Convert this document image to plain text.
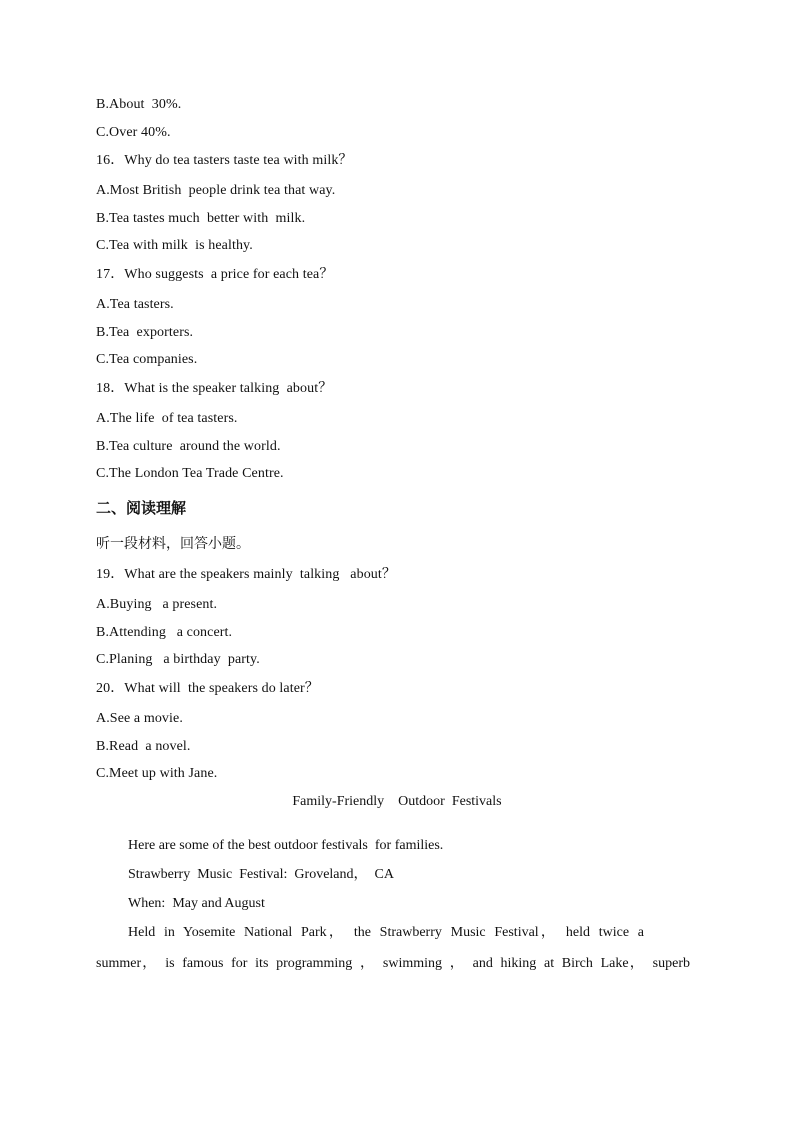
B.About  30%.
C.Over 40%.
16．Why do tea tasters taste tea with milk？
A.Most British  people drink tea that way.
B.Tea tastes much  better with  milk.
C.Tea with milk  is healthy.
17．Who suggests  a price for each tea？
A.Tea tasters.
B.Tea  exporters.
C.Tea companies.
18．What is the speaker talking  about？
A.The life  of tea tasters.
B.Tea culture  around the world.
C.The London Tea Trade Centre.
二、阅读理解
听一段材料，回答小题。
19．What are the speakers mainly  talking   about？
A.Buying   a present.
B.Attending   a concert.
C.Planing   a birthday  party.
20．What will  the speakers do later？
A.See a movie.
B.Read  a novel.
C.Meet up with Jane.
Family-Friendly    Outdoor  Festivals
Here are some of the best outdoor festivals  for families.
Strawberry  Music  Festival:  Groveland，  CA
When:  May and August
Held in Yosemite National Park， the Strawberry Music Festival， held twice a
summer， is famous for its programming ， swimming ， and hiking at Birch Lake， superb
